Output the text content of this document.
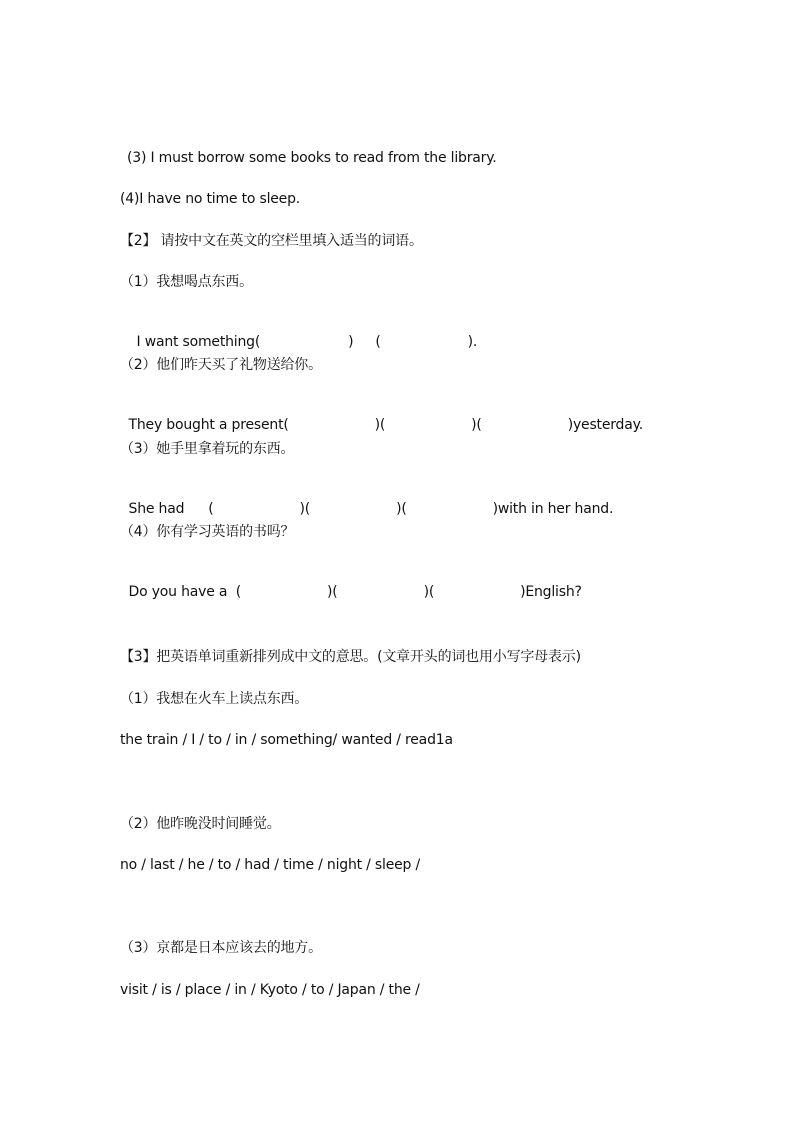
(3) I must borrow some books to read from the library.
(4)I have no time to sleep.
【2】 请按中文在英文的空栏里填入适当的词语。
（1）我想喝点东西。

I want something(	) (	).

（2）他们昨天买了礼物送给你。

They bought a present(	)(	)(	)yesterday.

（3）她手里拿着玩的东西。

She had (	)(	)(	)with in her hand.

（4）你有学习英语的书吗？

Do you have a  (	)(	)(	)English?

【3】把英语单词重新排列成中文的意思。(文章开头的词也用小写字母表示)
（1）我想在火车上读点东西。
the train / I / to / in / something/ wanted / read1a
（2）他昨晚没时间睡觉。
no / last / he / to / had / time / night / sleep /
（3）京都是日本应该去的地方。
visit / is / place / in / Kyoto / to / Japan / the /
